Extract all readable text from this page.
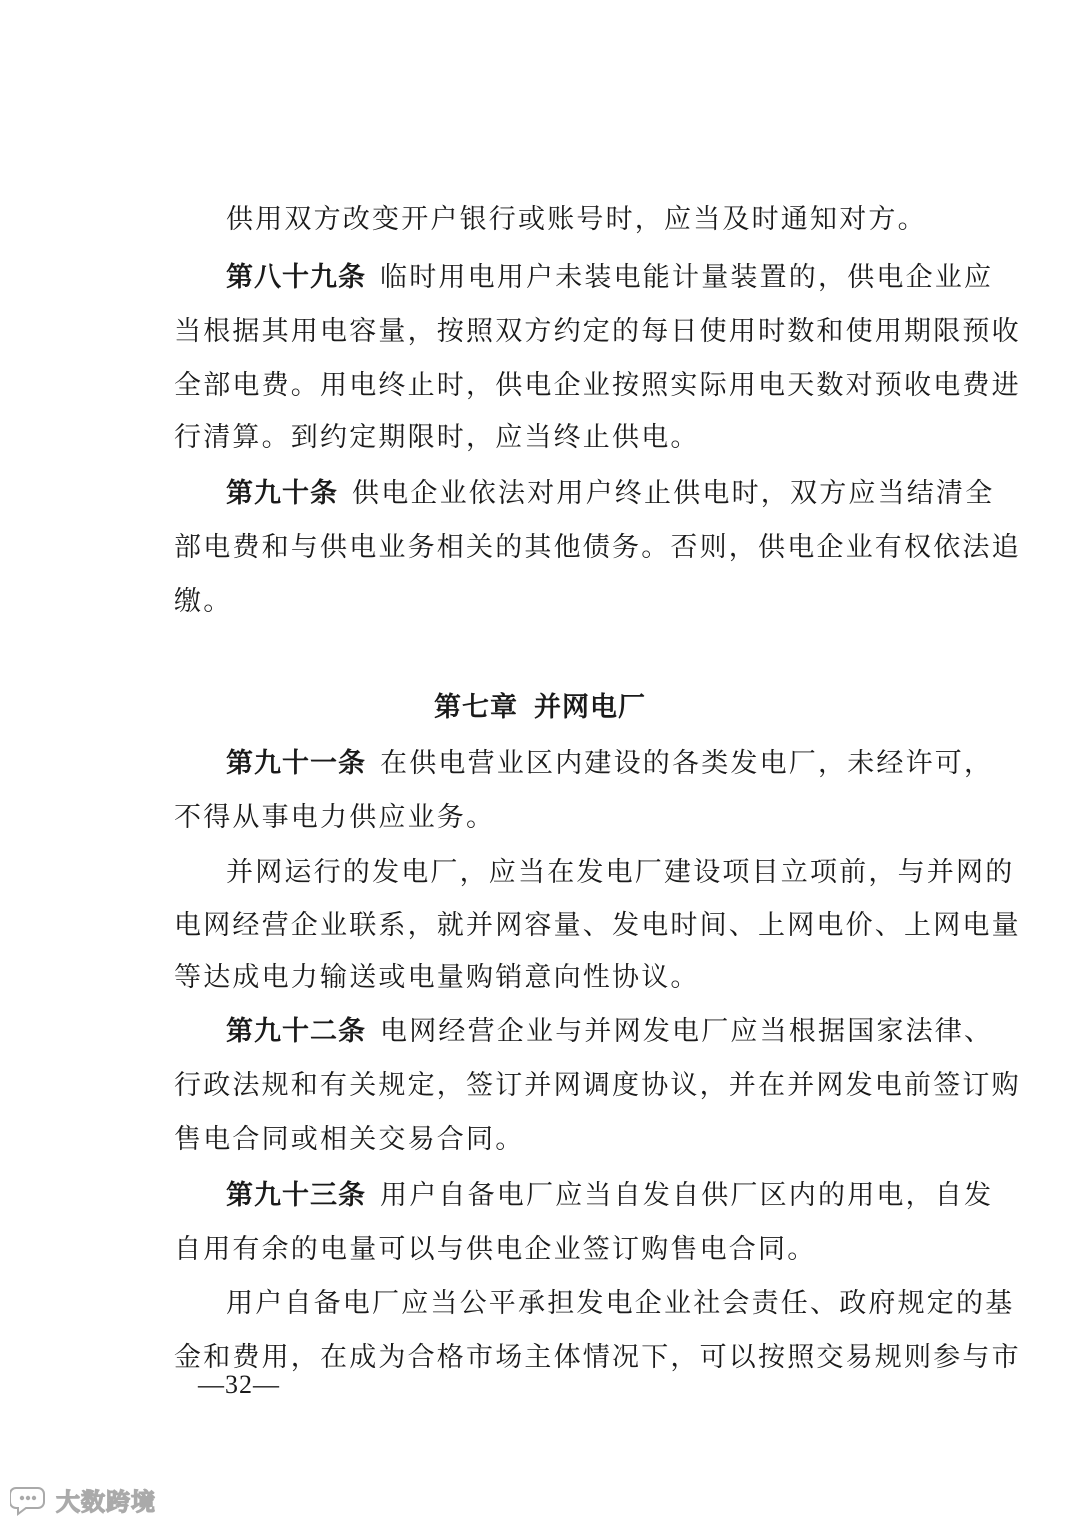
供用双方改变开户银行或账号时，应当及时通知对方。
第八十九条 临时用电用户未装电能计量装置的，供电企业应
当根据其用电容量，按照双方约定的每日使用时数和使用期限预收
全部电费。用电终止时，供电企业按照实际用电天数对预收电费进
行清算。到约定期限时，应当终止供电。
第九十条 供电企业依法对用户终止供电时，双方应当结清全
部电费和与供电业务相关的其他债务。否则，供电企业有权依法追
缴。
第七章 并网电厂
第九十一条 在供电营业区内建设的各类发电厂，未经许可，
不得从事电力供应业务。
并网运行的发电厂，应当在发电厂建设项目立项前，与并网的
电网经营企业联系，就并网容量、发电时间、上网电价、上网电量
等达成电力输送或电量购销意向性协议。
第九十二条 电网经营企业与并网发电厂应当根据国家法律、
行政法规和有关规定，签订并网调度协议，并在并网发电前签订购
售电合同或相关交易合同。
第九十三条 用户自备电厂应当自发自供厂区内的用电，自发
自用有余的电量可以与供电企业签订购售电合同。
用户自备电厂应当公平承担发电企业社会责任、政府规定的基
金和费用，在成为合格市场主体情况下，可以按照交易规则参与市
—32—
大数跨境
